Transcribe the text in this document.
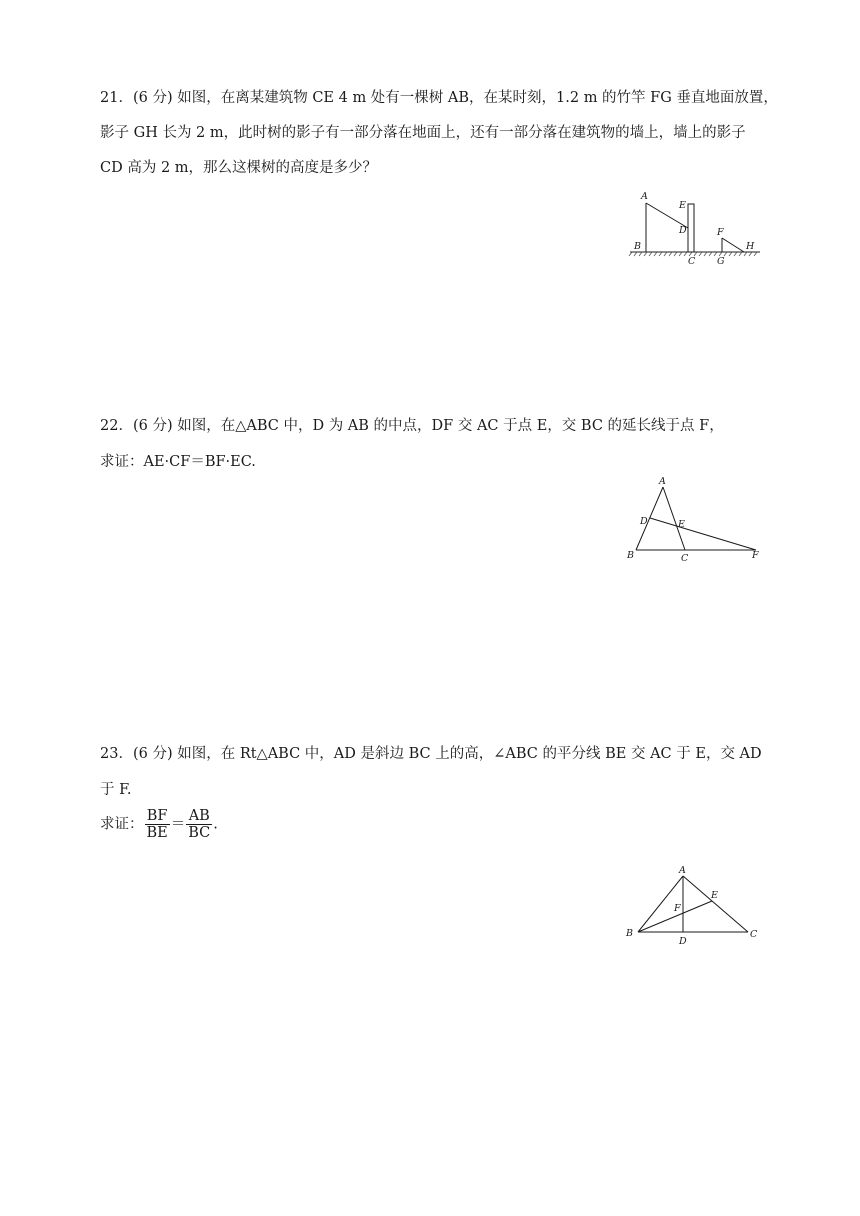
21．(6 分) 如图，在离某建筑物 CE 4 m 处有一棵树 AB，在某时刻，1.2 m 的竹竿 FG 垂直地面放置，
影子 GH 长为 2 m，此时树的影子有一部分落在地面上，还有一部分落在建筑物的墙上，墙上的影子
CD 高为 2 m，那么这棵树的高度是多少？
A
E
D
B
C
F
G
H
22．(6 分) 如图，在△ABC 中，D 为 AB 的中点，DF 交 AC 于点 E，交 BC 的延长线于点 F，
求证：AE·CF＝BF·EC.
A
D	E
B	C	F
23．(6 分) 如图，在 Rt△ABC 中，AD 是斜边 BC 上的高，∠ABC 的平分线 BE 交 AC 于 E，交 AD
于 F.
求证： $\frac{BF}{BE} = \frac{AB}{BC}$ .
A
E
F
B
D
C
